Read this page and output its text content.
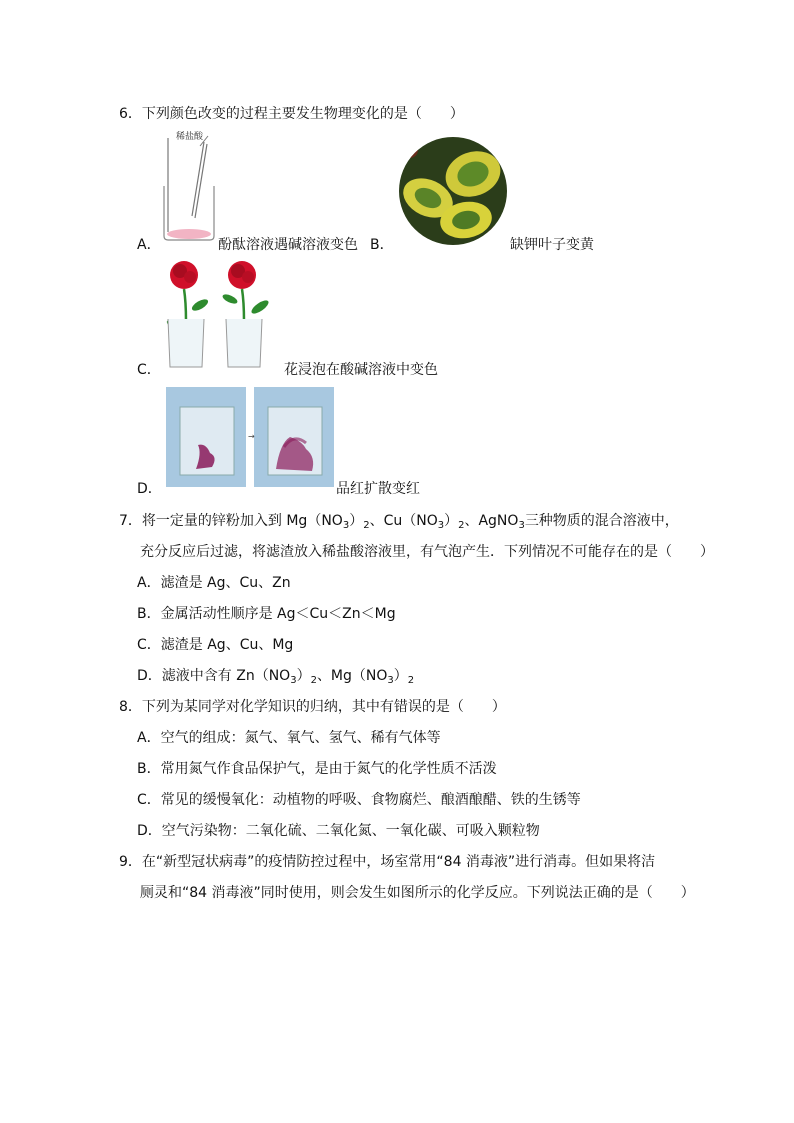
6．下列颜色改变的过程主要发生物理变化的是（　　）
稀盐酸
A．	酚酞溶液遇碱溶液变色 B．	缺钾叶子变黄
C．	花浸泡在酸碱溶液中变色
D．
→
品红扩散变红
7．将一定量的锌粉加入到 $Mg(NO_3)_2$、$Cu(NO_3)_2$、AgNO$_3$三种物质的混合溶液中，
充分反应后过滤，将滤渣放入稀盐酸溶液里，有气泡产生．下列情况不可能存在的是（　　）
A．滤渣是 Ag、Cu、Zn
B．金属活动性顺序是 Ag＜Cu＜Zn＜Mg
C．滤渣是 Ag、Cu、Mg
D．滤液中含有 $Zn(NO_3)_2$、$Mg(NO_3)_2$
8．下列为某同学对化学知识的归纳，其中有错误的是（　　）
A．空气的组成：氮气、氧气、氢气、稀有气体等
B．常用氮气作食品保护气，是由于氮气的化学性质不活泼
C．常见的缓慢氧化：动植物的呼吸、食物腐烂、酿酒酿醋、铁的生锈等
D．空气污染物：二氧化硫、二氧化氮、一氧化碳、可吸入颗粒物
9．在“新型冠状病毒”的疫情防控过程中，场室常用“84 消毒液”进行消毒。但如果将洁
厕灵和“84 消毒液”同时使用，则会发生如图所示的化学反应。下列说法正确的是（　　）
